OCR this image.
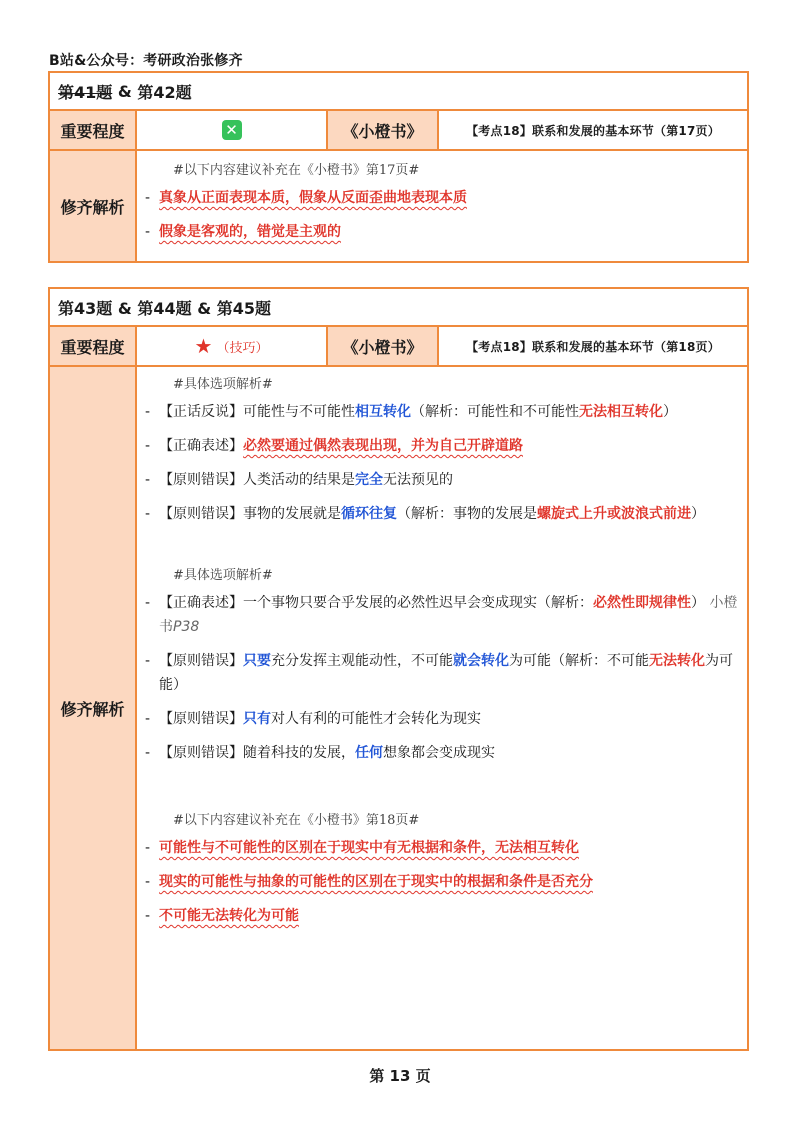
B站&公众号：考研政治张修齐
第41题 & 第42题
重要程度	✕	《小橙书》	【考点18】联系和发展的基本环节（第17页）
修齐解析
#以下内容建议补充在《小橙书》第17页#
- 真象从正面表现本质，假象从反面歪曲地表现本质
- 假象是客观的，错觉是主观的
第43题 & 第44题 & 第45题
重要程度	★ （技巧）	《小橙书》	【考点18】联系和发展的基本环节（第18页）
修齐解析
#具体选项解析#
- 【正话反说】可能性与不可能性相互转化（解析：可能性和不可能性无法相互转化）
- 【正确表述】必然要通过偶然表现出现，并为自己开辟道路
- 【原则错误】人类活动的结果是完全无法预见的
- 【原则错误】事物的发展就是循环往复（解析：事物的发展是螺旋式上升或波浪式前进）
#具体选项解析#
- 【正确表述】一个事物只要合乎发展的必然性迟早会变成现实（解析：必然性即规律性） 小橙书P38
- 【原则错误】只要充分发挥主观能动性，不可能就会转化为可能（解析：不可能无法转化为可能）
- 【原则错误】只有对人有利的可能性才会转化为现实
- 【原则错误】随着科技的发展，任何想象都会变成现实
#以下内容建议补充在《小橙书》第18页#
- 可能性与不可能性的区别在于现实中有无根据和条件，无法相互转化
- 现实的可能性与抽象的可能性的区别在于现实中的根据和条件是否充分
- 不可能无法转化为可能
第 13 页
